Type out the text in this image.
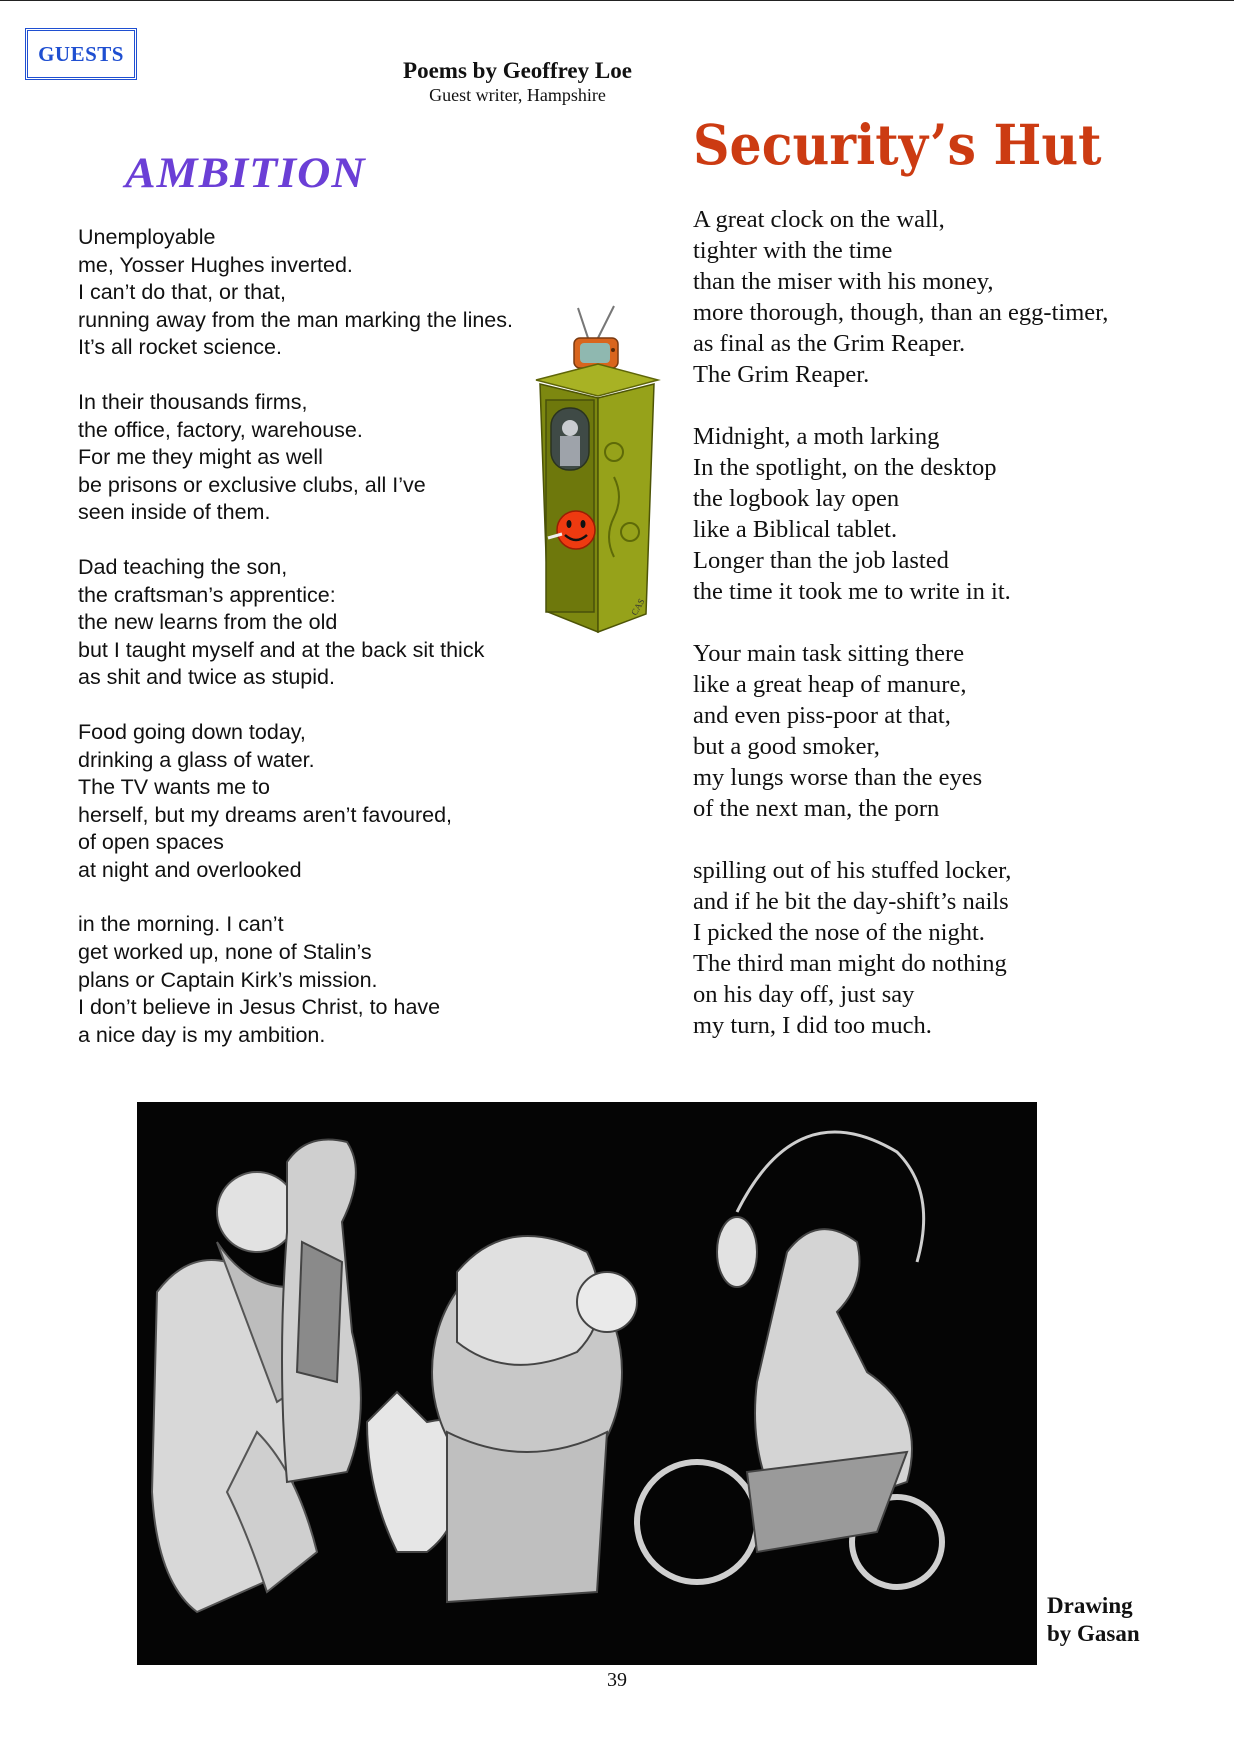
GUESTS
Poems by Geoffrey Loe
Guest writer, Hampshire
AMBITION	Security’s Hut
Unemployable
me, Yosser Hughes inverted.
I can’t do that, or that,
running away from the man marking the lines.
It’s all rocket science.
In their thousands firms,
the office, factory, warehouse.
For me they might as well
be prisons or exclusive clubs, all I’ve
seen inside of them.
Dad teaching the son,
the craftsman’s apprentice:
the new learns from the old
but I taught myself and at the back sit thick
as shit and twice as stupid.
Food going down today,
drinking a glass of water.
The TV wants me to
herself, but my dreams aren’t favoured,
of open spaces
at night and overlooked
in the morning. I can’t
get worked up, none of Stalin’s
plans or Captain Kirk’s mission.
I don’t believe in Jesus Christ, to have
a nice day is my ambition.
A great clock on the wall,
tighter with the time
than the miser with his money,
more thorough, though, than an egg-timer,
as final as the Grim Reaper.
The Grim Reaper.
Midnight, a moth larking
In the spotlight, on the desktop
the logbook lay open
like a Biblical tablet.
Longer than the job lasted
the time it took me to write in it.
Your main task sitting there
like a great heap of manure,
and even piss-poor at that,
but a good smoker,
my lungs worse than the eyes
of the next man, the porn
spilling out of his stuffed locker,
and if he bit the day-shift’s nails
I picked the nose of the night.
The third man might do nothing
on his day off, just say
my turn, I did too much.
CAS
Drawing
by Gasan
39
